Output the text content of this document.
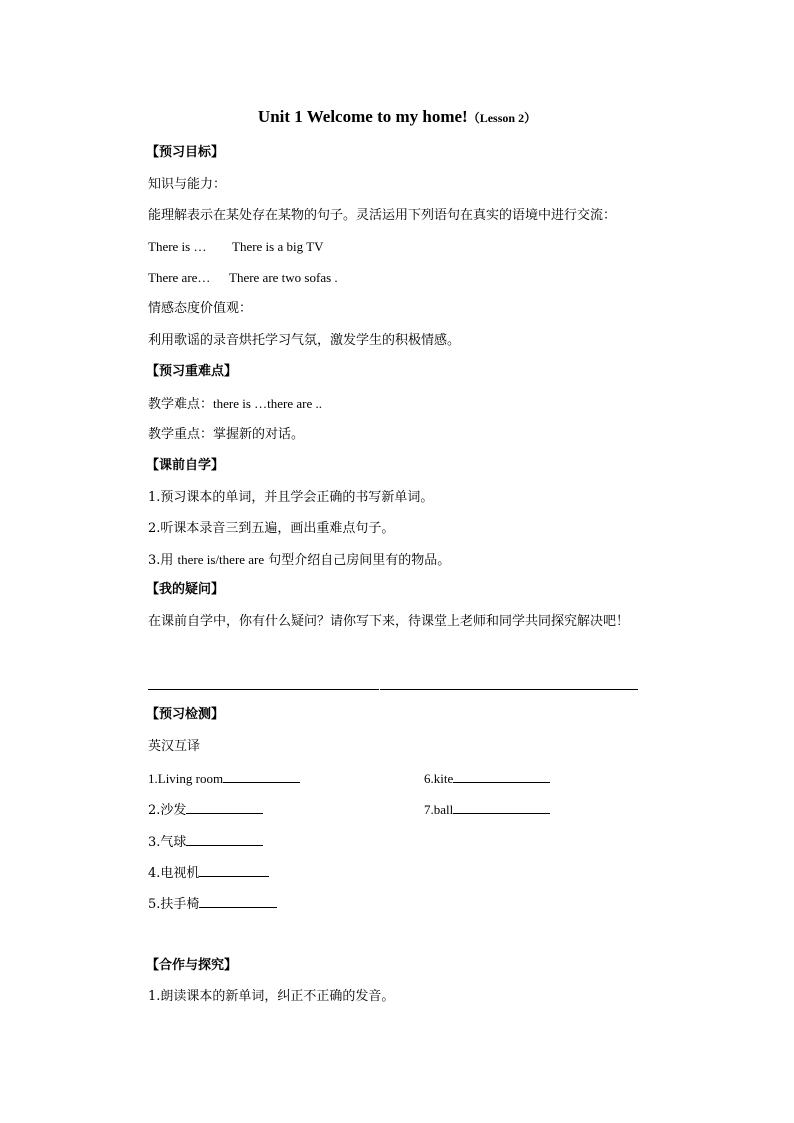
Unit 1 Welcome to my home!（Lesson 2）
【预习目标】
知识与能力：
能理解表示在某处存在某物的句子。灵活运用下列语句在真实的语境中进行交流：
There is … There is a big TV
There are… There are two sofas .
情感态度价值观：
利用歌谣的录音烘托学习气氛，激发学生的积极情感。
【预习重难点】
教学难点：there is …there are ..
教学重点：掌握新的对话。
【课前自学】
1.预习课本的单词，并且学会正确的书写新单词。
2.听课本录音三到五遍，画出重难点句子。
3.用 there is/there are 句型介绍自己房间里有的物品。
【我的疑问】
在课前自学中，你有什么疑问？请你写下来，待课堂上老师和同学共同探究解决吧！
【预习检测】
英汉互译
1.Living room
2.沙发
3.气球
4.电视机
5.扶手椅
6.kite
7.ball
【合作与探究】
1.朗读课本的新单词，纠正不正确的发音。
